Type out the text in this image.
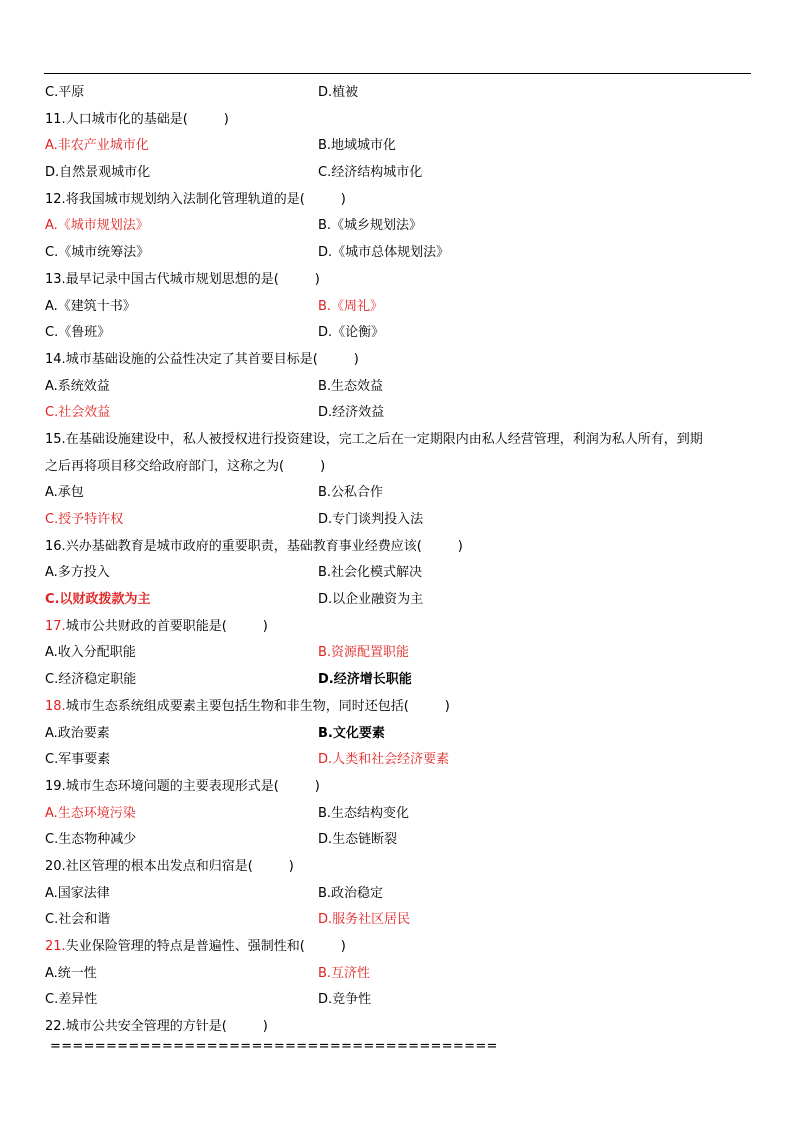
C.平原	D.植被
11.人口城市化的基础是(	)
A.非农产业城市化	B.地域城市化
D.自然景观城市化	C.经济结构城市化
12.将我国城市规划纳入法制化管理轨道的是(	)
A.《城市规划法》	B.《城乡规划法》
C.《城市统筹法》	D.《城市总体规划法》
13.最早记录中国古代城市规划思想的是(	)
A.《建筑十书》	B.《周礼》
C.《鲁班》	D.《论衡》
14.城市基础设施的公益性决定了其首要目标是(	)
A.系统效益	B.生态效益
C.社会效益	D.经济效益
15.在基础设施建设中，私人被授权进行投资建设，完工之后在一定期限内由私人经营管理，利润为私人所有，到期
之后再将项目移交给政府部门，这称之为(	)
A.承包	B.公私合作
C.授予特许权	D.专门谈判投入法
16.兴办基础教育是城市政府的重要职责，基础教育事业经费应该(	)
A.多方投入	B.社会化模式解决
C.以财政拨款为主	D.以企业融资为主
17.城市公共财政的首要职能是(	)
A.收入分配职能	B.资源配置职能
C.经济稳定职能	D.经济增长职能
18.城市生态系统组成要素主要包括生物和非生物，同时还包括(	)
A.政治要素	B.文化要素
C.军事要素	D.人类和社会经济要素
19.城市生态环境问题的主要表现形式是(	)
A.生态环境污染	B.生态结构变化
C.生态物种减少	D.生态链断裂
20.社区管理的根本出发点和归宿是(	)
A.国家法律	B.政治稳定
C.社会和谐	D.服务社区居民
21.失业保险管理的特点是普遍性、强制性和(	)
A.统一性	B.互济性
C.差异性	D.竞争性
22.城市公共安全管理的方针是(	)
========================================
